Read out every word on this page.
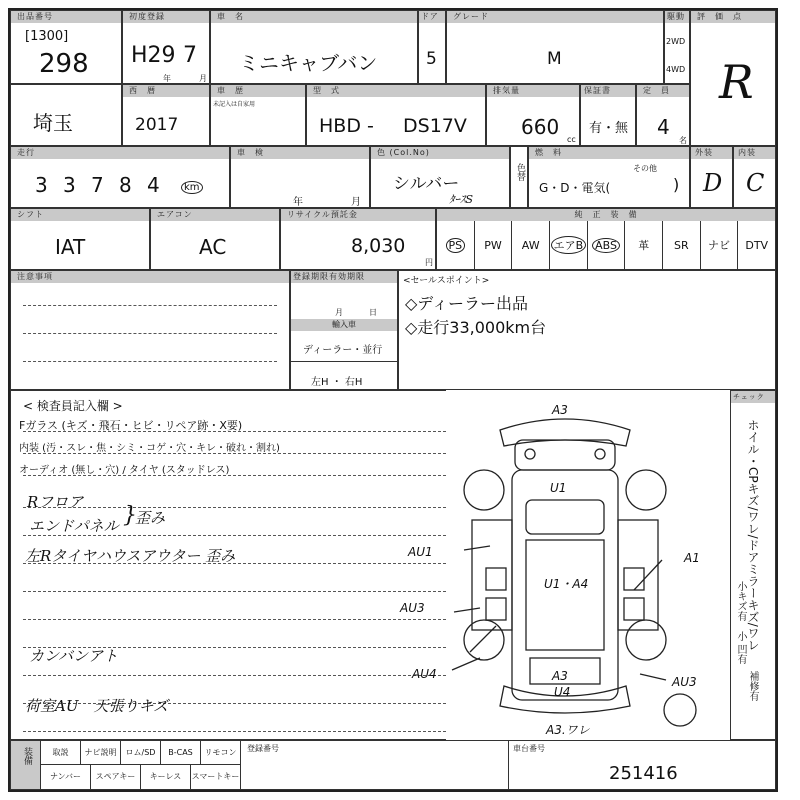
出品番号
[1300]
298
初度登録
H29 7
年	月
車　名
ミニキャブバン
ドア
5
グレード
M
駆動
2WD
4WD
評　価　点
R
埼玉
西　暦
2017
車　歴
未記入は自家用
型　式
HBD - DS17V
排気量
660
cc
保証書
有・無
定　員
4
名
走行
3 3 7 8 4	km
車　検
年	月
色 (Col.No)
シルバー
ﾀｰｽS
色替
燃　料
G・D・電気(
その他
)
外装
D
内装
C
シフト
IAT
エアコン
AC
リサイクル預託金
8,030
円
純　正　装　備
PS PW AW エアB ABS 革 SR ナビ DTV
注意事項	登録期限有効期限
月	日
輸入車
ディーラー・並行
左H ・ 右H
<セールスポイント>
◇ディーラー出品
◇走行33,000km台
< 検査員記入欄 >
Fガラス (キズ・飛石・ヒビ・リペア跡・X要)
内装 (汚・スレ・焦・シミ・コゲ・穴・キレ・破れ・割れ)
オーディオ (無し・穴) / タイヤ (スタッドレス)
Rフロア
エンドパネル }
歪み
左Rタイヤハウスアウター 歪み
カンバンアト
荷室AU　天張りキズ
A3
U1
AU1
U1・A4
A1
AU3
AU4	A3
U4
AU3
A3.ワレ
チェック
ホイル・CPキズ/ワレ/ドアミラーキズ/ワレ
小キズ有
小 凹有
補修有
装備	取説	ナビ説明	ロム/SD	B-CAS	リモコン
ナンバー	スペアキー	キーレス	スマートキー
登録番号	車台番号
251416
